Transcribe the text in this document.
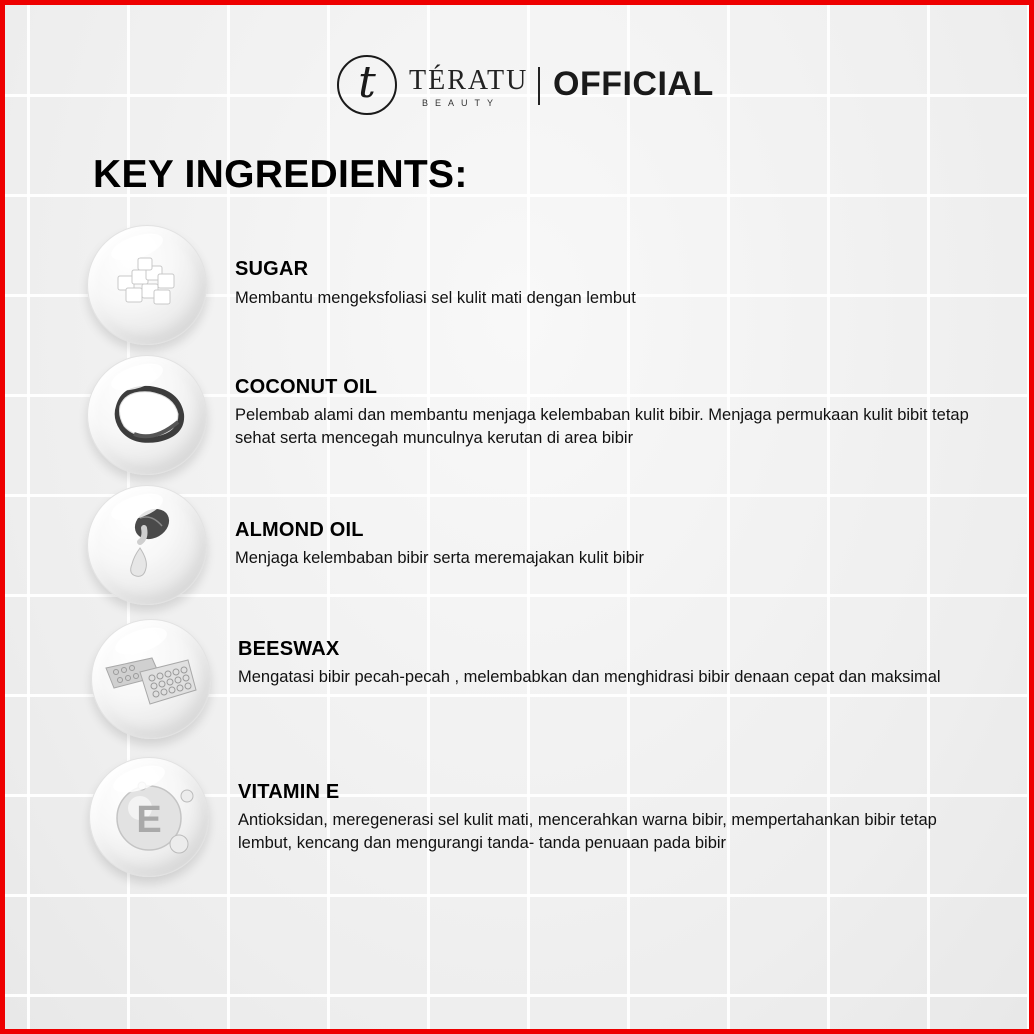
t TÉRATU
BEAUTY OFFICIAL
KEY INGREDIENTS:
SUGAR

Membantu mengeksfoliasi sel kulit mati dengan lembut

COCONUT OIL

Pelembab alami dan membantu menjaga kelembaban kulit bibir. Menjaga permukaan kulit bibit tetap sehat serta mencegah munculnya kerutan di area bibir

ALMOND OIL

Menjaga kelembaban bibir serta meremajakan kulit bibir

BEESWAX

Mengatasi bibir pecah-pecah , melembabkan dan menghidrasi bibir denaan cepat dan maksimal

E
VITAMIN E

Antioksidan, meregenerasi sel kulit mati, mencerahkan warna bibir, mempertahankan bibir tetap lembut, kencang dan mengurangi tanda- tanda penuaan pada bibir
